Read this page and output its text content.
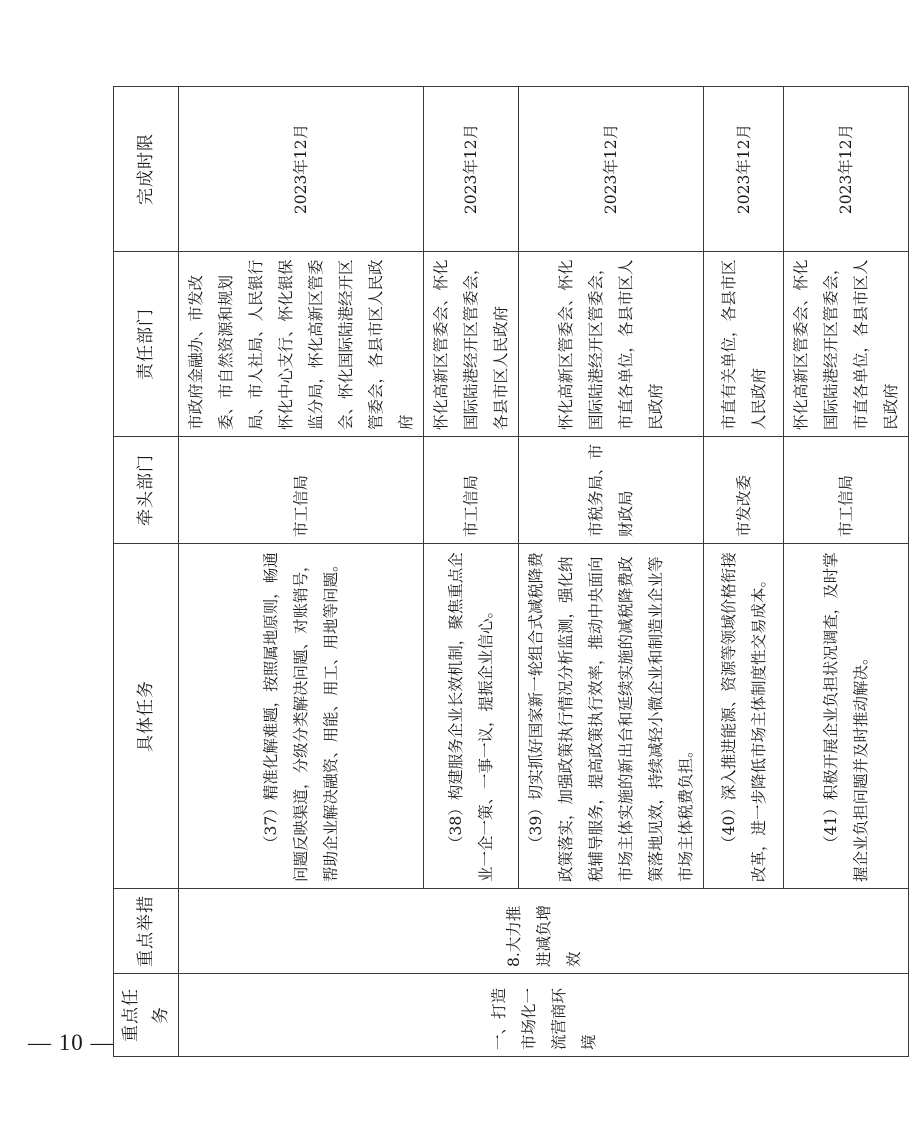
— 10 —
重点任务	重点举措	具体任务	牵头部门	责任部门	完成时限
一、打造市场化一流营商环境	8.大力推进减负增效	（37）精准化解难题，按照属地原则，畅通问题反映渠道，分级分类解决问题、对账销号，帮助企业解决融资、用能、用工、用地等问题。	市工信局	市政府金融办、市发改委、市自然资源和规划局、市人社局、人民银行怀化中心支行、怀化银保监分局，怀化高新区管委会、怀化国际陆港经开区管委会，各县市区人民政府	2023年12月
		（38）构建服务企业长效机制，聚焦重点企业一企一策、一事一议，提振企业信心。	市工信局	怀化高新区管委会、怀化国际陆港经开区管委会，各县市区人民政府	2023年12月
		（39）切实抓好国家新一轮组合式减税降费政策落实，加强政策执行情况分析监测，强化纳税辅导服务，提高政策执行效率，推动中央面向市场主体实施的新出台和延续实施的减税降费政策落地见效，持续减轻小微企业和制造业企业等市场主体税费负担。	市税务局、市财政局	怀化高新区管委会、怀化国际陆港经开区管委会，市直各单位，各县市区人民政府	2023年12月
		（40）深入推进能源、资源等领域价格衔接改革，进一步降低市场主体制度性交易成本。	市发改委	市直有关单位，各县市区人民政府	2023年12月
		（41）积极开展企业负担状况调查，及时掌握企业负担问题并及时推动解决。	市工信局	怀化高新区管委会、怀化国际陆港经开区管委会，市直各单位，各县市区人民政府	2023年12月
